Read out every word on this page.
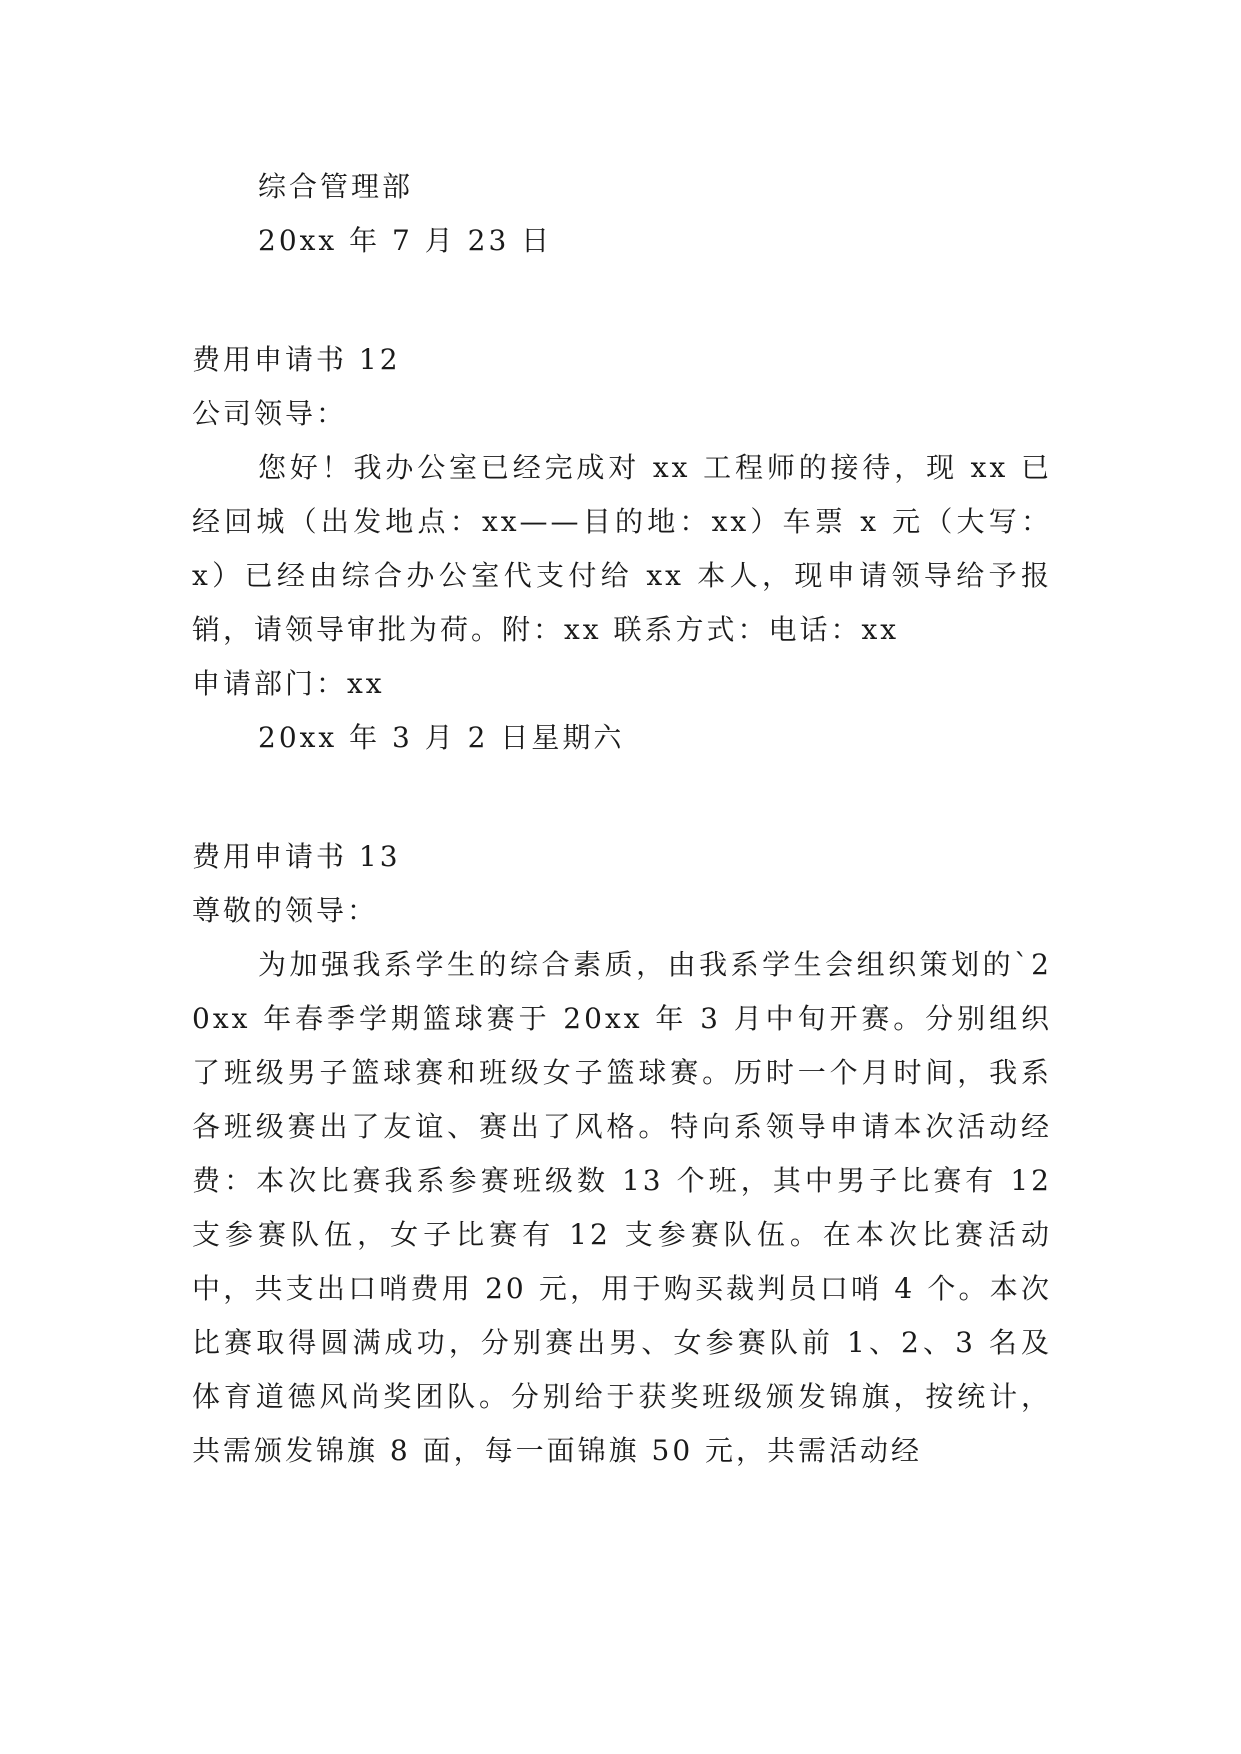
综合管理部
20xx 年 7 月 23 日
费用申请书 12
公司领导：

您好！我办公室已经完成对 xx 工程师的接待，现 xx 已经回城（出发地点：xx——目的地：xx）车票 x 元（大写：x）已经由综合办公室代支付给 xx 本人，现申请领导给予报销，请领导审批为荷。附：xx 联系方式：电话：xx

申请部门：xx
20xx 年 3 月 2 日星期六
费用申请书 13
尊敬的领导：

为加强我系学生的综合素质，由我系学生会组织策划的`20xx 年春季学期篮球赛于 20xx 年 3 月中旬开赛。分别组织了班级男子篮球赛和班级女子篮球赛。历时一个月时间，我系各班级赛出了友谊、赛出了风格。特向系领导申请本次活动经费：本次比赛我系参赛班级数 13 个班，其中男子比赛有 12 支参赛队伍，女子比赛有 12 支参赛队伍。在本次比赛活动中，共支出口哨费用 20 元，用于购买裁判员口哨 4 个。本次比赛取得圆满成功，分别赛出男、女参赛队前 1、2、3 名及体育道德风尚奖团队。分别给于获奖班级颁发锦旗，按统计，共需颁发锦旗 8 面，每一面锦旗 50 元，共需活动经
